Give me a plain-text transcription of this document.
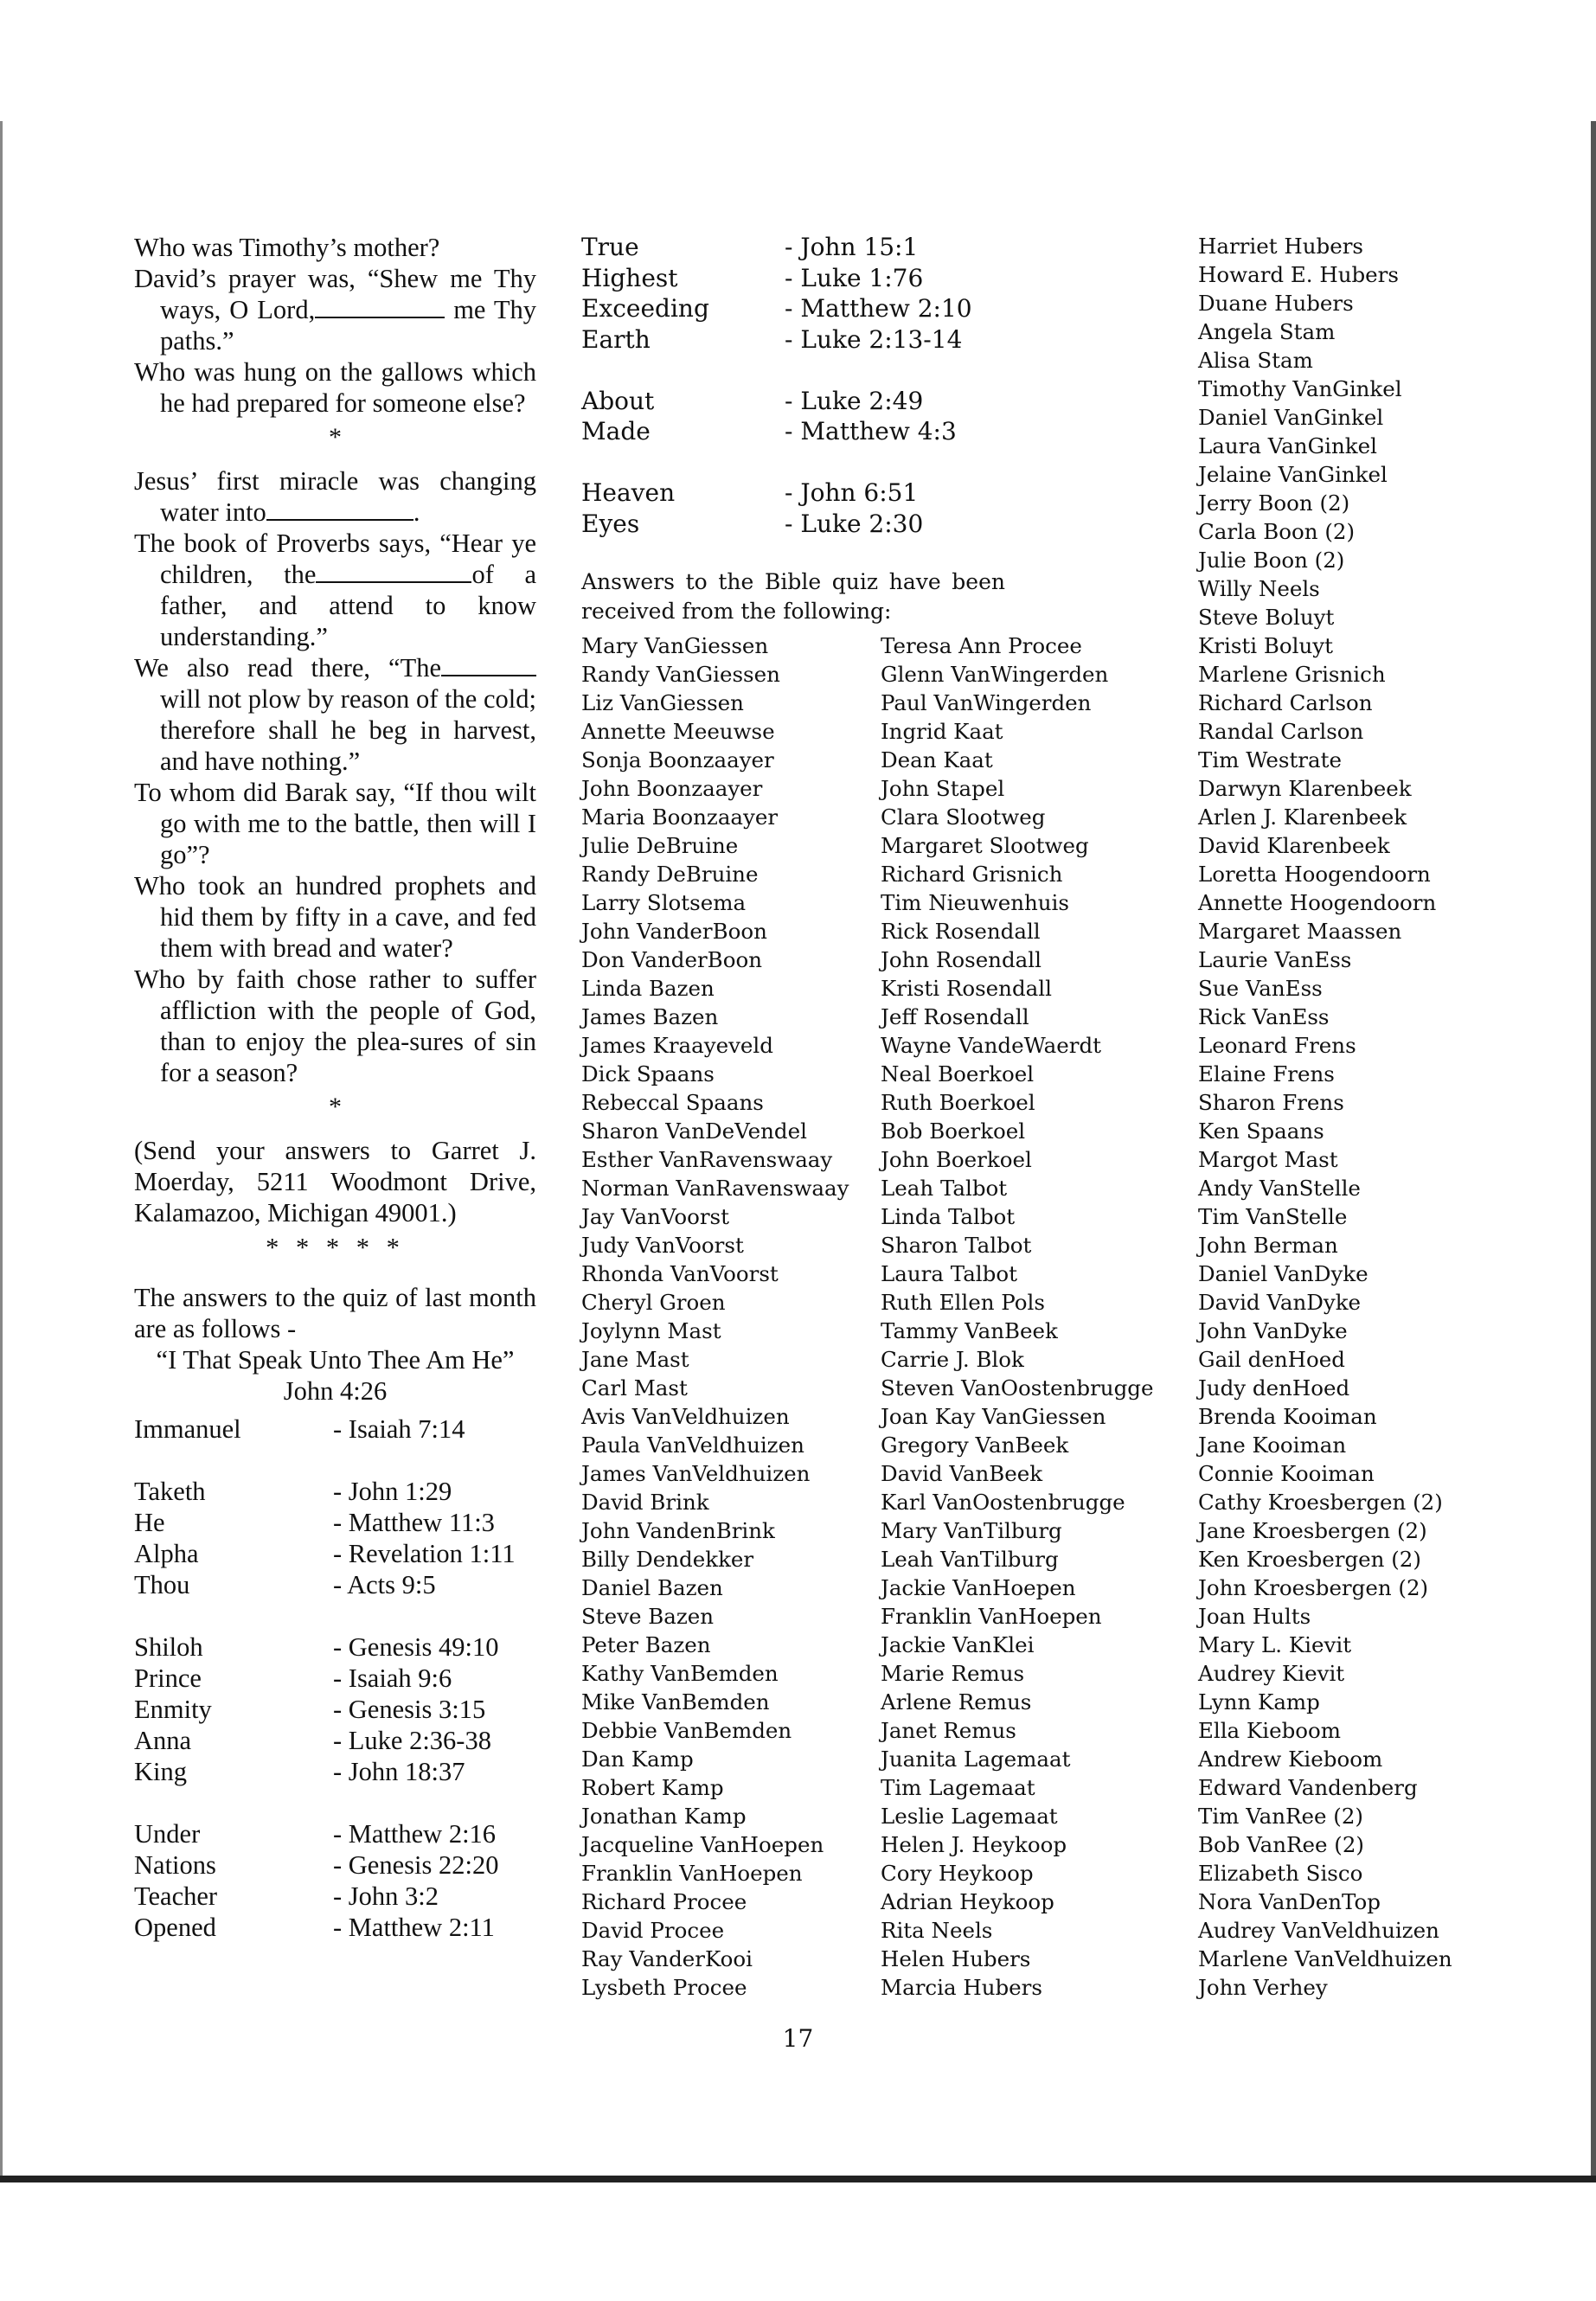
Who was Timothy’s mother?

David’s prayer was, “Shew me Thy ways, O Lord,	me Thy paths.”

Who was hung on the gallows which he had prepared for someone else?

*

Jesus’ first miracle was changing water into	.

The book of Proverbs says, “Hear ye children, the	of a father, and attend to know understanding.”

We also read there, “The will not plow by reason of the cold; therefore shall he beg in harvest, and have nothing.”

To whom did Barak say, “If thou wilt go with me to the battle, then will I go”?

Who took an hundred prophets and hid them by fifty in a cave, and fed them with bread and water?

Who by faith chose rather to suffer affliction with the people of God, than to enjoy the plea-sures of sin for a season?

*

(Send your answers to Garret J. Moerday, 5211 Woodmont Drive, Kalamazoo, Michigan 49001.)

* * * * *

The answers to the quiz of last month are as follows -

“I That Speak Unto Thee Am He”
John 4:26
Immanuel	- Isaiah 7:14
Taketh	- John 1:29
He	- Matthew 11:3
Alpha	- Revelation 1:11
Thou	- Acts 9:5
Shiloh	- Genesis 49:10
Prince	- Isaiah 9:6
Enmity	- Genesis 3:15
Anna	- Luke 2:36-38
King	- John 18:37
Under	- Matthew 2:16
Nations	- Genesis 22:20
Teacher	- John 3:2
Opened	- Matthew 2:11
True	- John 15:1
Highest	- Luke 1:76
Exceeding	- Matthew 2:10
Earth	- Luke 2:13-14
About	- Luke 2:49
Made	- Matthew 4:3
Heaven	- John 6:51
Eyes	- Luke 2:30
Answers to the Bible quiz have been received from the following:
Mary VanGiessen
Randy VanGiessen
Liz VanGiessen
Annette Meeuwse
Sonja Boonzaayer
John Boonzaayer
Maria Boonzaayer
Julie DeBruine
Randy DeBruine
Larry Slotsema
John VanderBoon
Don VanderBoon
Linda Bazen
James Bazen
James Kraayeveld
Dick Spaans
Rebeccal Spaans
Sharon VanDeVendel
Esther VanRavenswaay
Norman VanRavenswaay
Jay VanVoorst
Judy VanVoorst
Rhonda VanVoorst
Cheryl Groen
Joylynn Mast
Jane Mast
Carl Mast
Avis VanVeldhuizen
Paula VanVeldhuizen
James VanVeldhuizen
David Brink
John VandenBrink
Billy Dendekker
Daniel Bazen
Steve Bazen
Peter Bazen
Kathy VanBemden
Mike VanBemden
Debbie VanBemden
Dan Kamp
Robert Kamp
Jonathan Kamp
Jacqueline VanHoepen
Franklin VanHoepen
Richard Procee
David Procee
Ray VanderKooi
Lysbeth Procee
Teresa Ann Procee
Glenn VanWingerden
Paul VanWingerden
Ingrid Kaat
Dean Kaat
John Stapel
Clara Slootweg
Margaret Slootweg
Richard Grisnich
Tim Nieuwenhuis
Rick Rosendall
John Rosendall
Kristi Rosendall
Jeff Rosendall
Wayne VandeWaerdt
Neal Boerkoel
Ruth Boerkoel
Bob Boerkoel
John Boerkoel
Leah Talbot
Linda Talbot
Sharon Talbot
Laura Talbot
Ruth Ellen Pols
Tammy VanBeek
Carrie J. Blok
Steven VanOostenbrugge
Joan Kay VanGiessen
Gregory VanBeek
David VanBeek
Karl VanOostenbrugge
Mary VanTilburg
Leah VanTilburg
Jackie VanHoepen
Franklin VanHoepen
Jackie VanKlei
Marie Remus
Arlene Remus
Janet Remus
Juanita Lagemaat
Tim Lagemaat
Leslie Lagemaat
Helen J. Heykoop
Cory Heykoop
Adrian Heykoop
Rita Neels
Helen Hubers
Marcia Hubers
Harriet Hubers
Howard E. Hubers
Duane Hubers
Angela Stam
Alisa Stam
Timothy VanGinkel
Daniel VanGinkel
Laura VanGinkel
Jelaine VanGinkel
Jerry Boon (2)
Carla Boon (2)
Julie Boon (2)
Willy Neels
Steve Boluyt
Kristi Boluyt
Marlene Grisnich
Richard Carlson
Randal Carlson
Tim Westrate
Darwyn Klarenbeek
Arlen J. Klarenbeek
David Klarenbeek
Loretta Hoogendoorn
Annette Hoogendoorn
Margaret Maassen
Laurie VanEss
Sue VanEss
Rick VanEss
Leonard Frens
Elaine Frens
Sharon Frens
Ken Spaans
Margot Mast
Andy VanStelle
Tim VanStelle
John Berman
Daniel VanDyke
David VanDyke
John VanDyke
Gail denHoed
Judy denHoed
Brenda Kooiman
Jane Kooiman
Connie Kooiman
Cathy Kroesbergen (2)
Jane Kroesbergen (2)
Ken Kroesbergen (2)
John Kroesbergen (2)
Joan Hults
Mary L. Kievit
Audrey Kievit
Lynn Kamp
Ella Kieboom
Andrew Kieboom
Edward Vandenberg
Tim VanRee (2)
Bob VanRee (2)
Elizabeth Sisco
Nora VanDenTop
Audrey VanVeldhuizen
Marlene VanVeldhuizen
John Verhey
17
